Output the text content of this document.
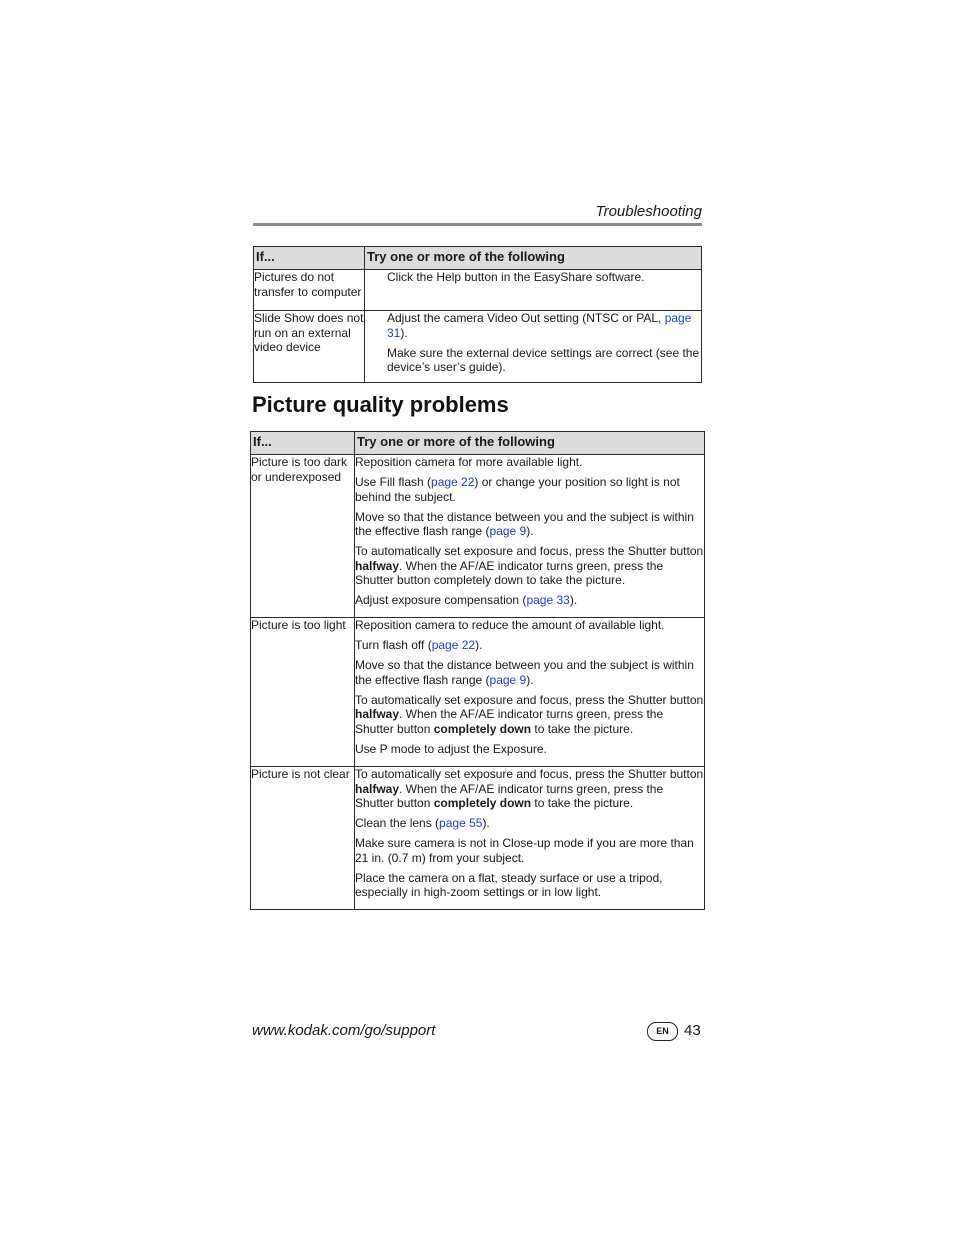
Troubleshooting
If...	Try one or more of the following
Pictures do not transfer to computer	Click the Help button in the EasyShare software.

Slide Show does not run on an external video device	Adjust the camera Video Out setting (NTSC or PAL, page 31).

Make sure the external device settings are correct (see the device’s user’s guide).

Picture quality problems
If...	Try one or more of the following
Picture is too dark or underexposed	Reposition camera for more available light.

Use Fill flash (page 22) or change your position so light is not behind the subject.

Move so that the distance between you and the subject is within the effective flash range (page 9).

To automatically set exposure and focus, press the Shutter button halfway. When the AF/AE indicator turns green, press the Shutter button completely down to take the picture.

Adjust exposure compensation (page 33).

Picture is too light	Reposition camera to reduce the amount of available light.

Turn flash off (page 22).

Move so that the distance between you and the subject is within the effective flash range (page 9).

To automatically set exposure and focus, press the Shutter button halfway. When the AF/AE indicator turns green, press the Shutter button completely down to take the picture.

Use P mode to adjust the Exposure.

Picture is not clear	To automatically set exposure and focus, press the Shutter button halfway. When the AF/AE indicator turns green, press the Shutter button completely down to take the picture.

Clean the lens (page 55).

Make sure camera is not in Close-up mode if you are more than 21 in. (0.7 m) from your subject.

Place the camera on a flat, steady surface or use a tripod, especially in high-zoom settings or in low light.

www.kodak.com/go/support	EN	43
